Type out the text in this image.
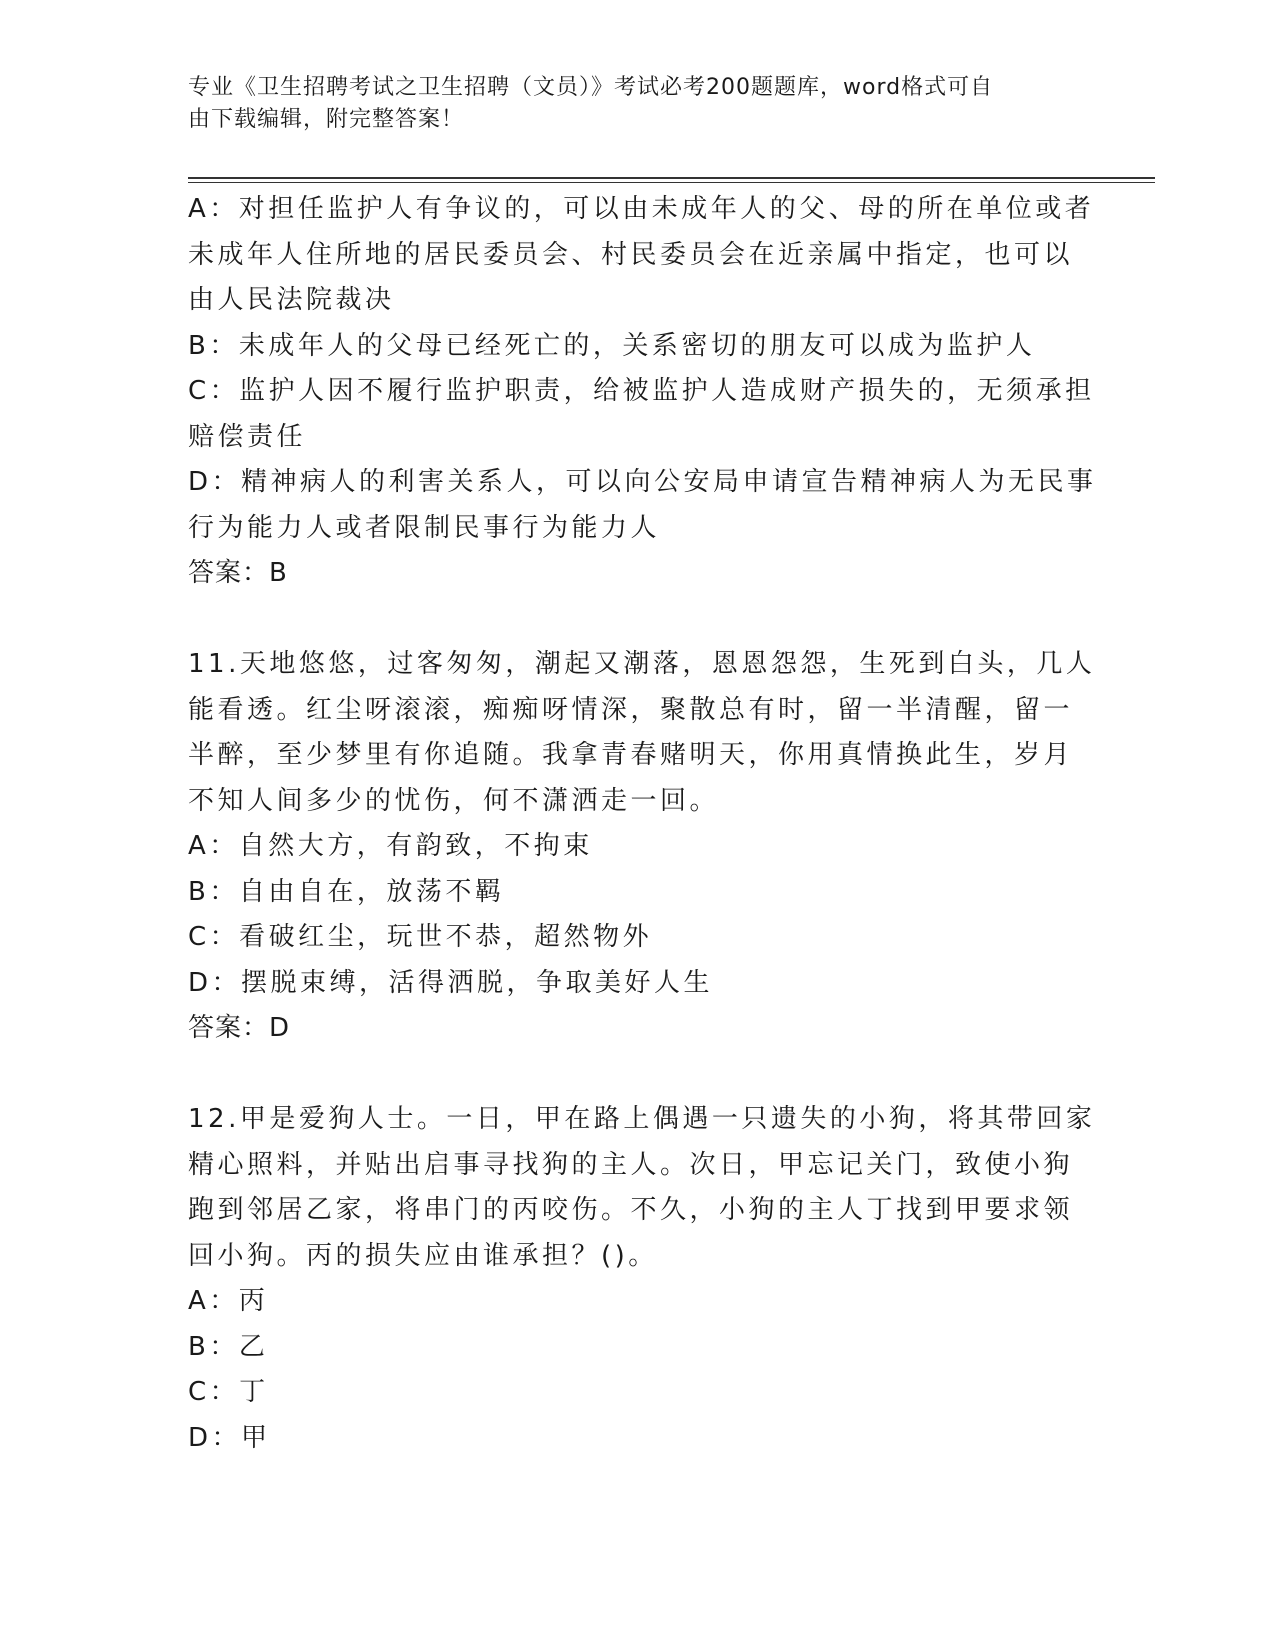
专业《卫生招聘考试之卫生招聘（文员）》考试必考200题题库，word格式可自
由下载编辑，附完整答案！
A：对担任监护人有争议的，可以由未成年人的父、母的所在单位或者
未成年人住所地的居民委员会、村民委员会在近亲属中指定，也可以
由人民法院裁决
B：未成年人的父母已经死亡的，关系密切的朋友可以成为监护人
C：监护人因不履行监护职责，给被监护人造成财产损失的，无须承担
赔偿责任
D：精神病人的利害关系人，可以向公安局申请宣告精神病人为无民事
行为能力人或者限制民事行为能力人
答案：B
11.天地悠悠，过客匆匆，潮起又潮落，恩恩怨怨，生死到白头，几人
能看透。红尘呀滚滚，痴痴呀情深，聚散总有时，留一半清醒，留一
半醉，至少梦里有你追随。我拿青春赌明天，你用真情换此生，岁月
不知人间多少的忧伤，何不潇洒走一回。
A：自然大方，有韵致，不拘束
B：自由自在，放荡不羁
C：看破红尘，玩世不恭，超然物外
D：摆脱束缚，活得洒脱，争取美好人生
答案：D
12.甲是爱狗人士。一日，甲在路上偶遇一只遗失的小狗，将其带回家
精心照料，并贴出启事寻找狗的主人。次日，甲忘记关门，致使小狗
跑到邻居乙家，将串门的丙咬伤。不久，小狗的主人丁找到甲要求领
回小狗。丙的损失应由谁承担？()。
A：丙
B：乙
C：丁
D：甲
